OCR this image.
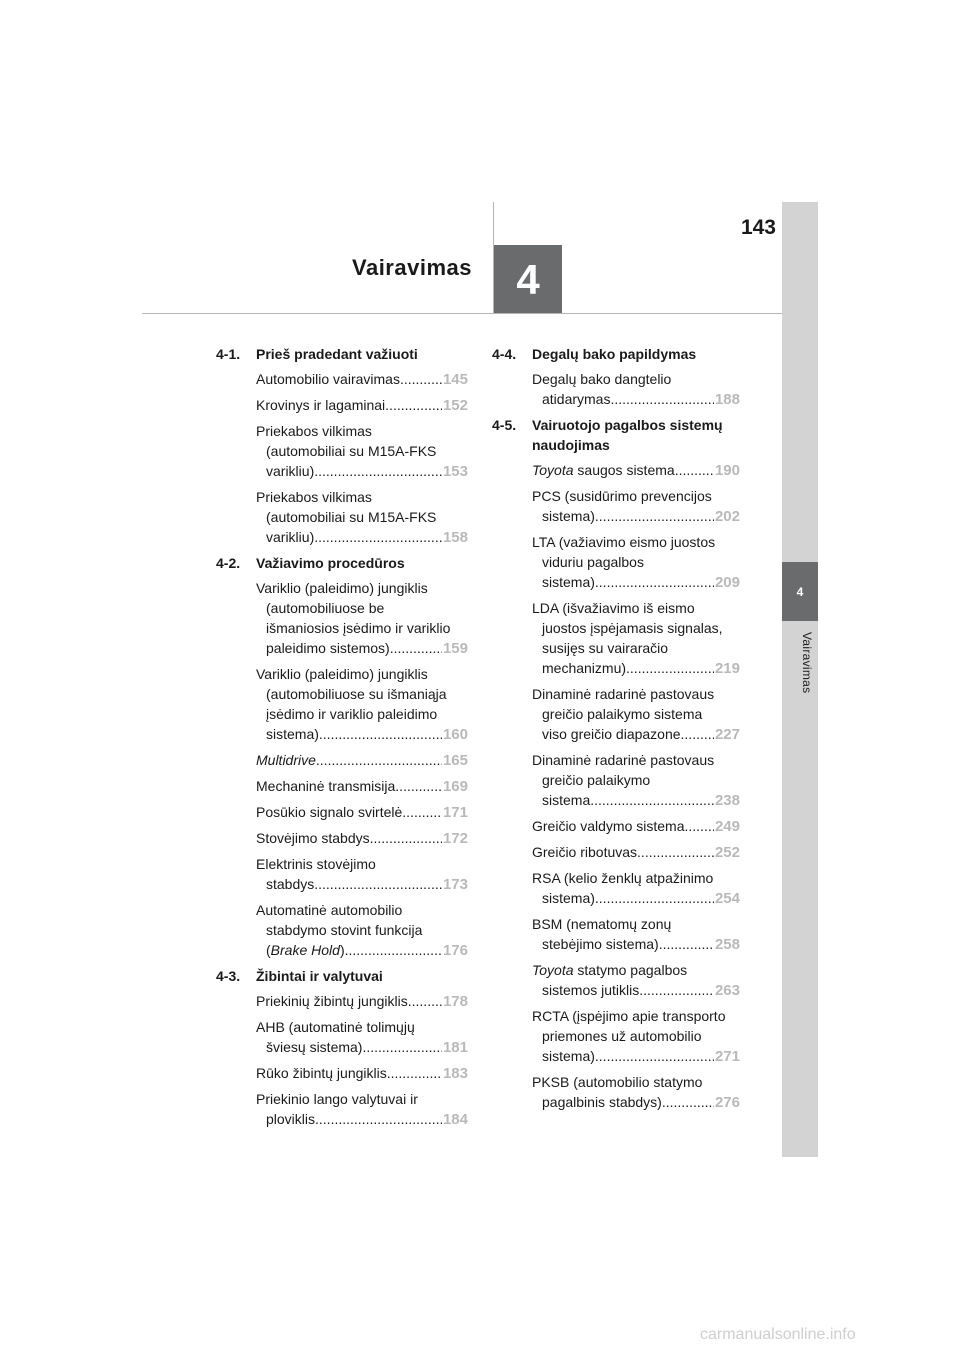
143
Vairavimas	4
4
Vairavimas
4-1.	Prieš pradedant važiuoti
Automobilio vairavimas .....	145
Krovinys ir lagaminai .....	152
Priekabos vilkimas
(automobiliai su M15A-FKS
varikliu) .....	153
Priekabos vilkimas
(automobiliai su M15A-FKS
varikliu) .....	158
4-2.	Važiavimo procedūros
Variklio (paleidimo) jungiklis
(automobiliuose be
išmaniosios įsėdimo ir variklio
paleidimo sistemos) .....	159
Variklio (paleidimo) jungiklis
(automobiliuose su išmaniąja
įsėdimo ir variklio paleidimo
sistema) .....	160
Multidrive .....	165
Mechaninė transmisija .....	169
Posūkio signalo svirtelė .....	171
Stovėjimo stabdys .....	172
Elektrinis stovėjimo
stabdys .....	173
Automatinė automobilio
stabdymo stovint funkcija
(Brake Hold) .....	176
4-3.	Žibintai ir valytuvai
Priekinių žibintų jungiklis ..... 178
AHB (automatinė tolimųjų
šviesų sistema) .....	181
Rūko žibintų jungiklis .....	183
Priekinio lango valytuvai ir
ploviklis .....	184
4-4.	Degalų bako papildymas
Degalų bako dangtelio
atidarymas .....	188
4-5.	Vairuotojo pagalbos sistemų naudojimas
Toyota saugos sistema .....	190
PCS (susidūrimo prevencijos
sistema) .....	202
LTA (važiavimo eismo juostos
viduriu pagalbos
sistema) .....	209
LDA (išvažiavimo iš eismo
juostos įspėjamasis signalas,
susijęs su vairaračio
mechanizmu) .....	219
Dinaminė radarinė pastovaus
greičio palaikymo sistema
viso greičio diapazone ..... 227
Dinaminė radarinė pastovaus
greičio palaikymo
sistema .....	238
Greičio valdymo sistema ..... 249
Greičio ribotuvas .....	252
RSA (kelio ženklų atpažinimo
sistema) .....	254
BSM (nematomų zonų
stebėjimo sistema) .....	258
Toyota statymo pagalbos
sistemos jutiklis .....	263
RCTA (įspėjimo apie transporto
priemones už automobilio
sistema) .....	271
PKSB (automobilio statymo
pagalbinis stabdys) .....	276
carmanualsonline.info
